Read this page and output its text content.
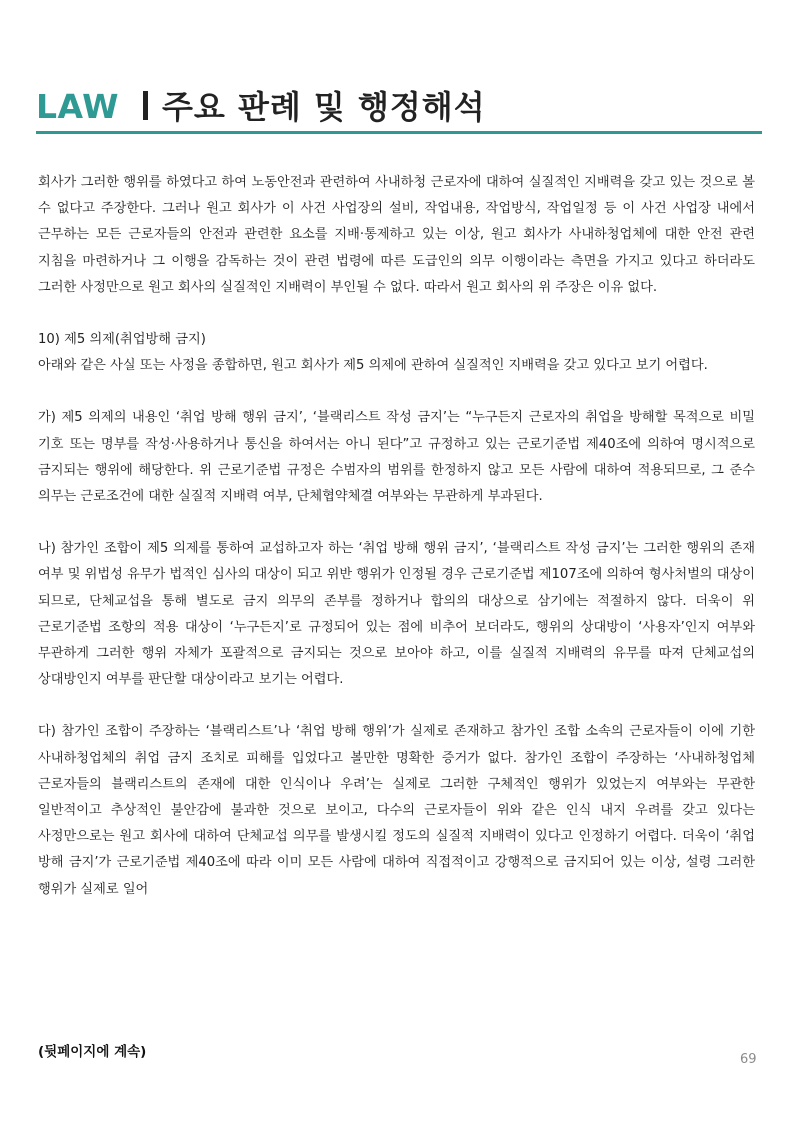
LAW 주요 판례 및 행정해석

회사가 그러한 행위를 하였다고 하여 노동안전과 관련하여 사내하청 근로자에 대하여 실질적인 지배력을 갖고 있는 것으로 볼 수 없다고 주장한다. 그러나 원고 회사가 이 사건 사업장의 설비, 작업내용, 작업방식, 작업일정 등 이 사건 사업장 내에서 근무하는 모든 근로자들의 안전과 관련한 요소를 지배·통제하고 있는 이상, 원고 회사가 사내하청업체에 대한 안전 관련 지침을 마련하거나 그 이행을 감독하는 것이 관련 법령에 따른 도급인의 의무 이행이라는 측면을 가지고 있다고 하더라도 그러한 사정만으로 원고 회사의 실질적인 지배력이 부인될 수 없다. 따라서 원고 회사의 위 주장은 이유 없다.

10) 제5 의제(취업방해 금지)

아래와 같은 사실 또는 사정을 종합하면, 원고 회사가 제5 의제에 관하여 실질적인 지배력을 갖고 있다고 보기 어렵다.

가) 제5 의제의 내용인 ‘취업 방해 행위 금지’, ‘블랙리스트 작성 금지’는 “누구든지 근로자의 취업을 방해할 목적으로 비밀 기호 또는 명부를 작성·사용하거나 통신을 하여서는 아니 된다”고 규정하고 있는 근로기준법 제40조에 의하여 명시적으로 금지되는 행위에 해당한다. 위 근로기준법 규정은 수범자의 범위를 한정하지 않고 모든 사람에 대하여 적용되므로, 그 준수 의무는 근로조건에 대한 실질적 지배력 여부, 단체협약체결 여부와는 무관하게 부과된다.

나) 참가인 조합이 제5 의제를 통하여 교섭하고자 하는 ‘취업 방해 행위 금지’, ‘블랙리스트 작성 금지’는 그러한 행위의 존재 여부 및 위법성 유무가 법적인 심사의 대상이 되고 위반 행위가 인정될 경우 근로기준법 제107조에 의하여 형사처벌의 대상이 되므로, 단체교섭을 통해 별도로 금지 의무의 존부를 정하거나 합의의 대상으로 삼기에는 적절하지 않다. 더욱이 위 근로기준법 조항의 적용 대상이 ‘누구든지’로 규정되어 있는 점에 비추어 보더라도, 행위의 상대방이 ‘사용자’인지 여부와 무관하게 그러한 행위 자체가 포괄적으로 금지되는 것으로 보아야 하고, 이를 실질적 지배력의 유무를 따져 단체교섭의 상대방인지 여부를 판단할 대상이라고 보기는 어렵다.

다) 참가인 조합이 주장하는 ‘블랙리스트’나 ‘취업 방해 행위’가 실제로 존재하고 참가인 조합 소속의 근로자들이 이에 기한 사내하청업체의 취업 금지 조치로 피해를 입었다고 볼만한 명확한 증거가 없다. 참가인 조합이 주장하는 ‘사내하청업체 근로자들의 블랙리스트의 존재에 대한 인식이나 우려’는 실제로 그러한 구체적인 행위가 있었는지 여부와는 무관한 일반적이고 추상적인 불안감에 불과한 것으로 보이고, 다수의 근로자들이 위와 같은 인식 내지 우려를 갖고 있다는 사정만으로는 원고 회사에 대하여 단체교섭 의무를 발생시킬 정도의 실질적 지배력이 있다고 인정하기 어렵다. 더욱이 ‘취업 방해 금지’가 근로기준법 제40조에 따라 이미 모든 사람에 대하여 직접적이고 강행적으로 금지되어 있는 이상, 설령 그러한 행위가 실제로 일어

(뒷페이지에 계속)	69
